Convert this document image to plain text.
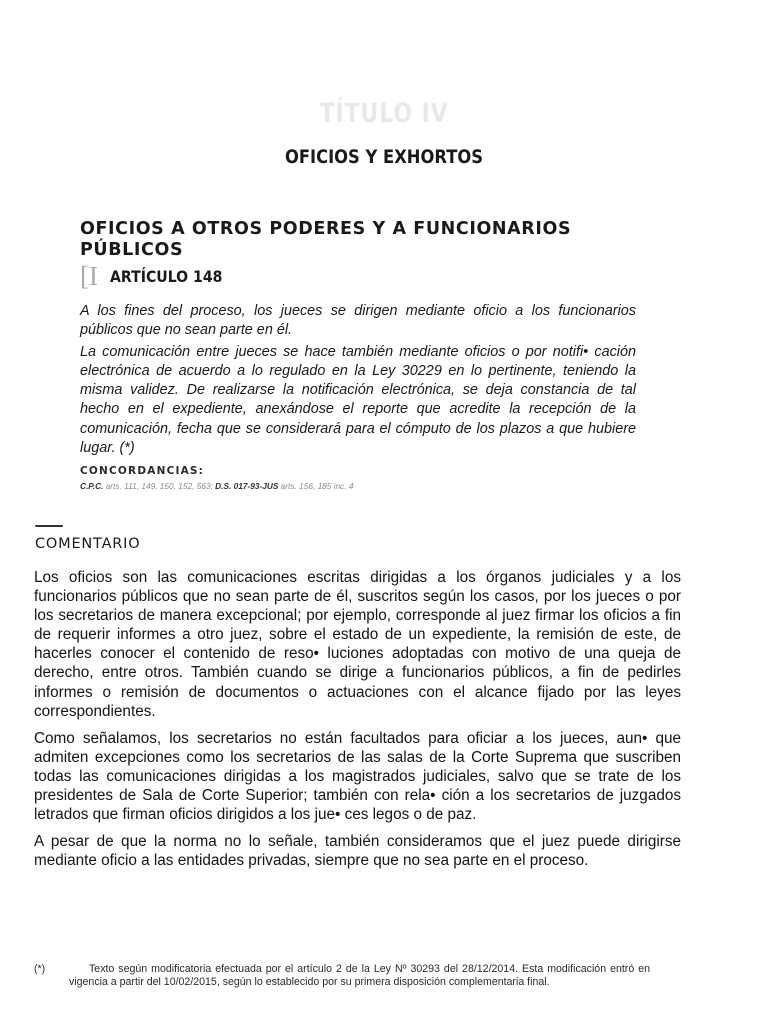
TÍTULO IV
OFICIOS Y EXHORTOS
OFICIOS A OTROS PODERES Y A FUNCIONARIOS PÚBLICOS
[I ARTÍCULO 148

A los fines del proceso, los jueces se dirigen mediante oficio a los funcionarios públicos que no sean parte en él.

La comunicación entre jueces se hace también mediante oficios o por notifi• cación electrónica de acuerdo a lo regulado en la Ley 30229 en lo pertinente, teniendo la misma validez. De realizarse la notificación electrónica, se deja constancia de tal hecho en el expediente, anexándose el reporte que acredite la recepción de la comunicación, fecha que se considerará para el cómputo de los plazos a que hubiere lugar. (*)

CONCORDANCIAS:
C.P.C. arts. 111, 149, 150, 152, 563; D.S. 017-93-JUS arts. 156, 185 inc. 4
COMENTARIO

Los oficios son las comunicaciones escritas dirigidas a los órganos judiciales y a los funcionarios públicos que no sean parte de él, suscritos según los casos, por los jueces o por los secretarios de manera excepcional; por ejemplo, corresponde al juez firmar los oficios a fin de requerir informes a otro juez, sobre el estado de un expediente, la remisión de este, de hacerles conocer el contenido de reso• luciones adoptadas con motivo de una queja de derecho, entre otros. También cuando se dirige a funcionarios públicos, a fin de pedirles informes o remisión de documentos o actuaciones con el alcance fijado por las leyes correspondientes.

Como señalamos, los secretarios no están facultados para oficiar a los jueces, aun• que admiten excepciones como los secretarios de las salas de la Corte Suprema que suscriben todas las comunicaciones dirigidas a los magistrados judiciales, salvo que se trate de los presidentes de Sala de Corte Superior; también con rela• ción a los secretarios de juzgados letrados que firman oficios dirigidos a los jue• ces legos o de paz.

A pesar de que la norma no lo señale, también consideramos que el juez puede dirigirse mediante oficio a las entidades privadas, siempre que no sea parte en el proceso.

(*)	Texto según modificatoria efectuada por el artículo 2 de la Ley Nº 30293 del 28/12/2014. Esta modificación entró en vigencia a partir del 10/02/2015, según lo establecido por su primera disposición complementaria final.
